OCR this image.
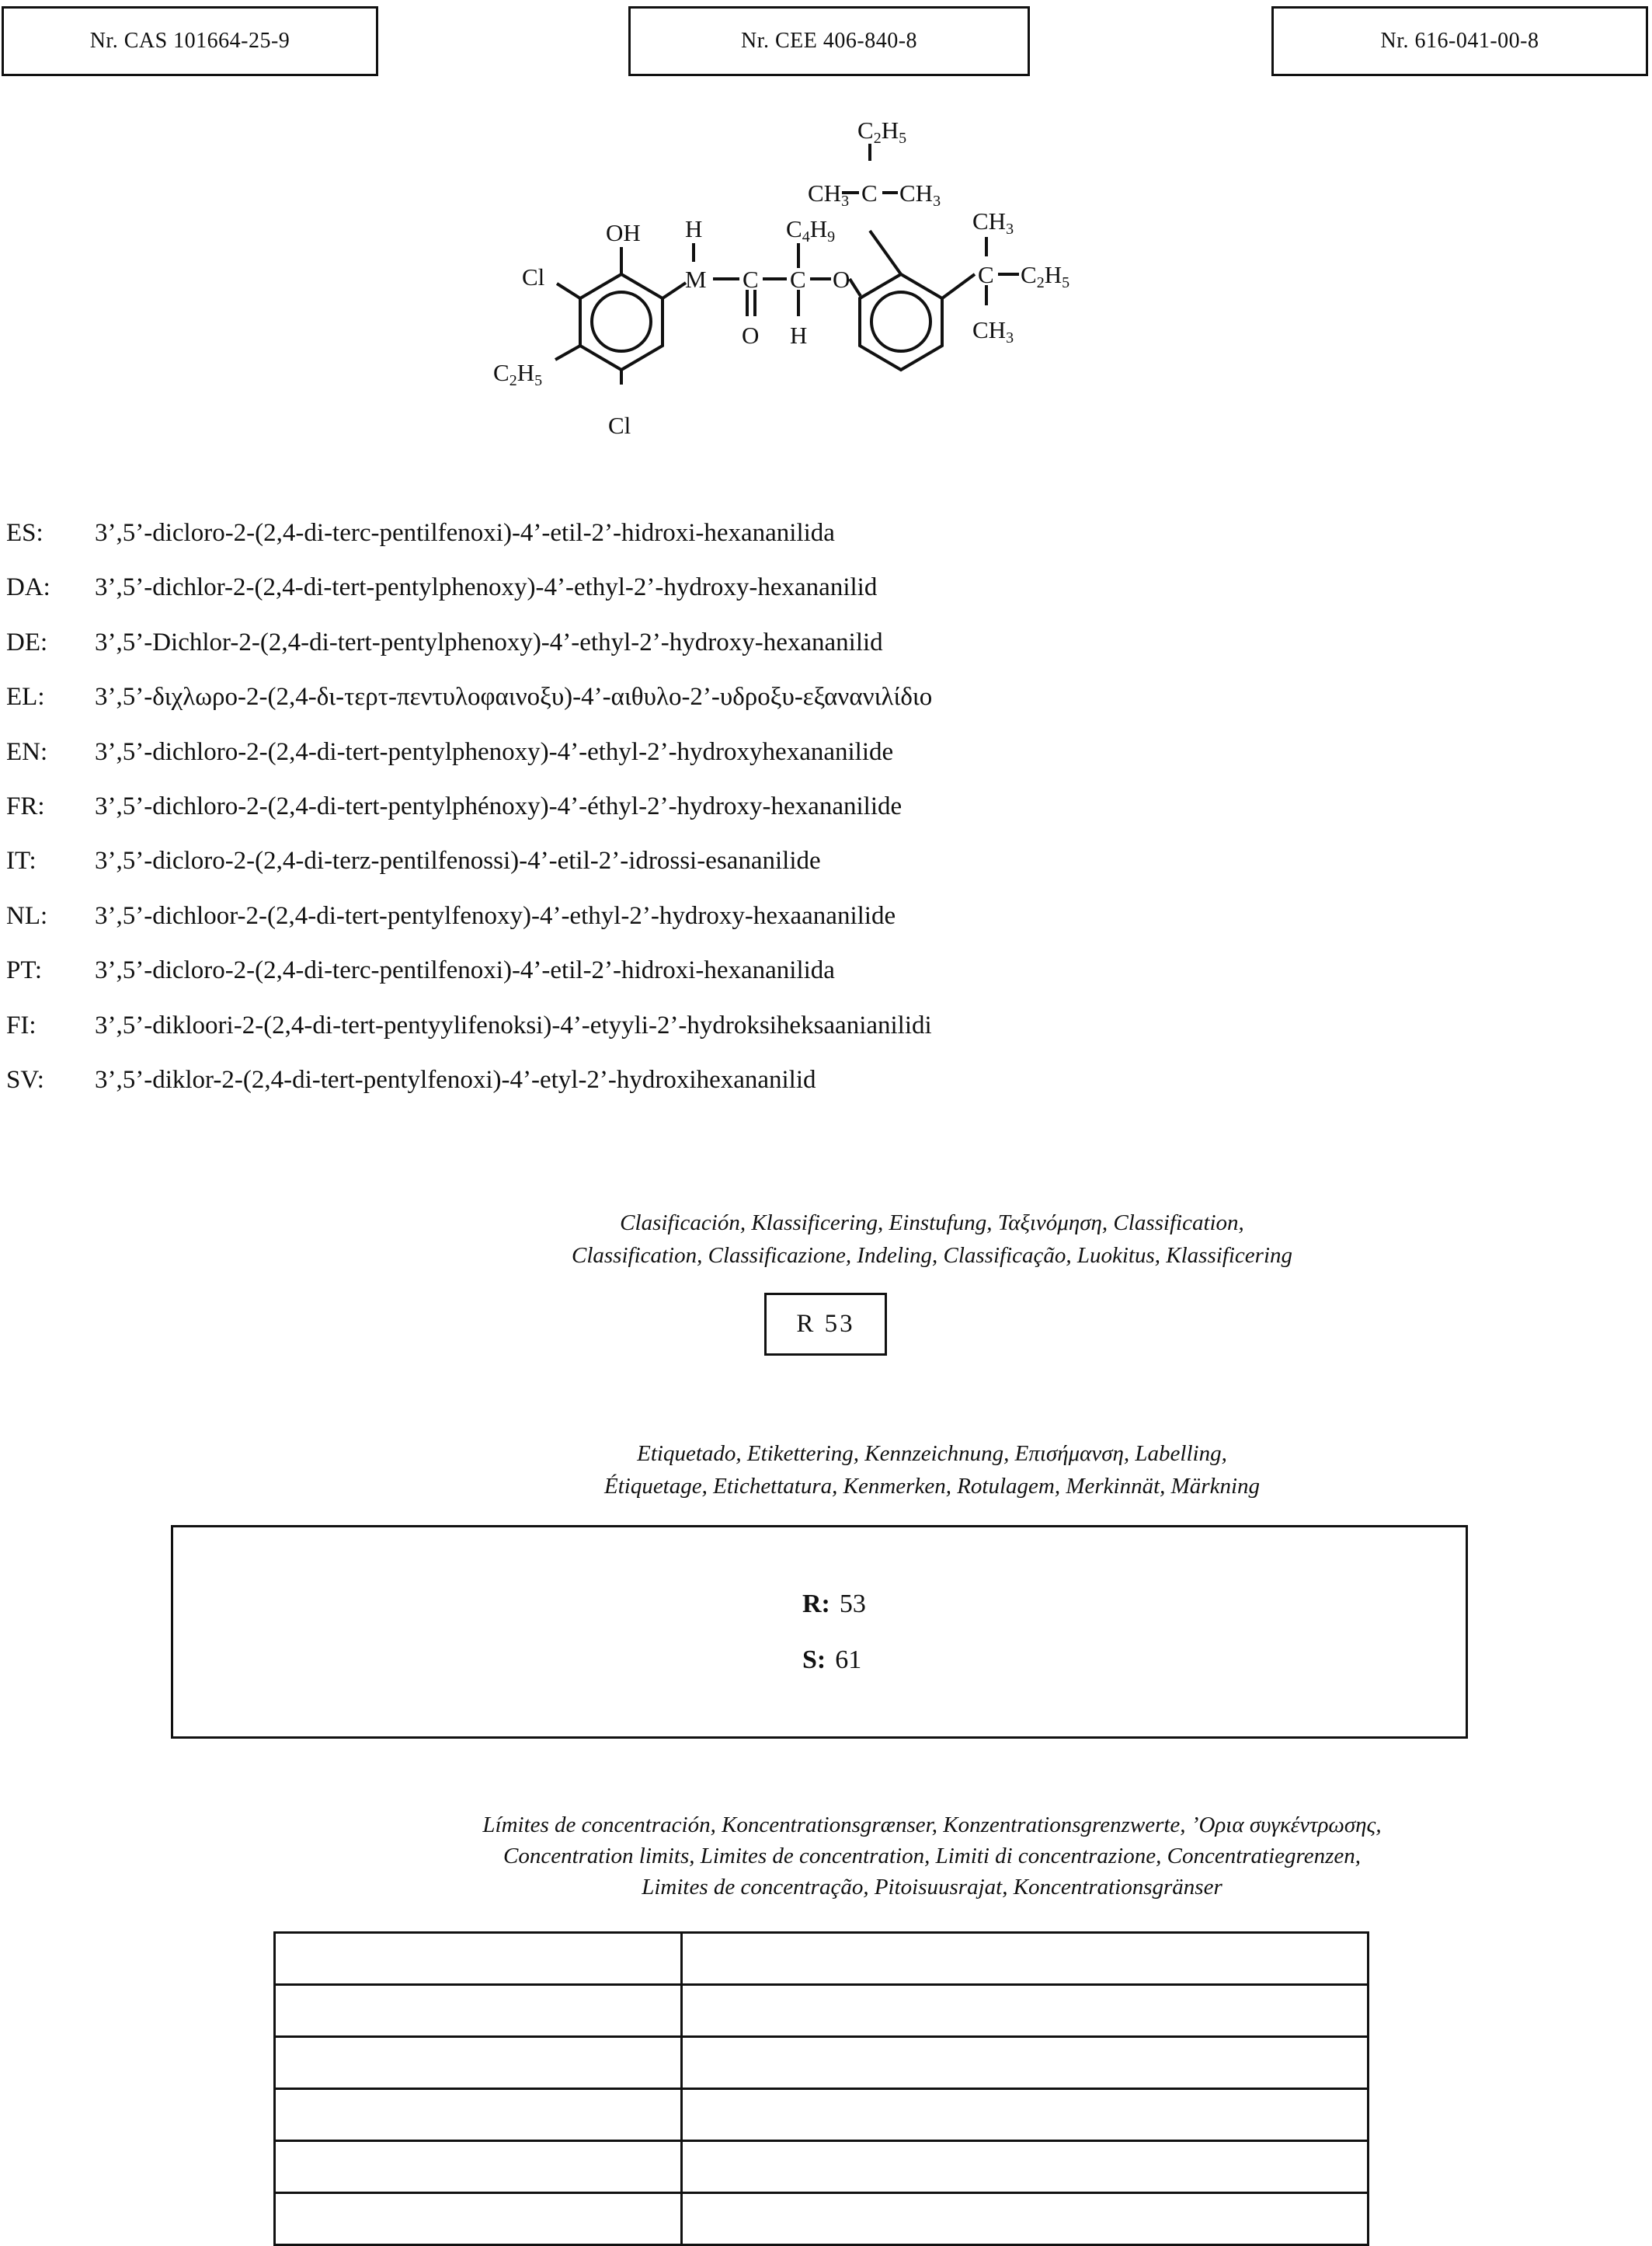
Nr. CAS 101664-25-9	Nr. CEE 406-840-8	Nr. 616-041-00-8
OH H
Cl	M C C O
O H
Cl
C4H9
C2H5
CH3 C CH3
CH3
C C2H5
CH3
C2H5
ES: 3’,5’-dicloro-2-(2,4-di-terc-pentilfenoxi)-4’-etil-2’-hidroxi-hexananilida
DA: 3’,5’-dichlor-2-(2,4-di-tert-pentylphenoxy)-4’-ethyl-2’-hydroxy-hexananilid
DE: 3’,5’-Dichlor-2-(2,4-di-tert-pentylphenoxy)-4’-ethyl-2’-hydroxy-hexananilid
EL: 3’,5’-διχλωρο-2-(2,4-δι-τερτ-πεντυλοφαινοξυ)-4’-αιθυλο-2’-υδροξυ-εξανανιλίδιο
EN: 3’,5’-dichloro-2-(2,4-di-tert-pentylphenoxy)-4’-ethyl-2’-hydroxyhexananilide
FR: 3’,5’-dichloro-2-(2,4-di-tert-pentylphénoxy)-4’-éthyl-2’-hydroxy-hexananilide
IT: 3’,5’-dicloro-2-(2,4-di-terz-pentilfenossi)-4’-etil-2’-idrossi-esananilide
NL: 3’,5’-dichloor-2-(2,4-di-tert-pentylfenoxy)-4’-ethyl-2’-hydroxy-hexaananilide
PT: 3’,5’-dicloro-2-(2,4-di-terc-pentilfenoxi)-4’-etil-2’-hidroxi-hexananilida
FI: 3’,5’-dikloori-2-(2,4-di-tert-pentyylifenoksi)-4’-etyyli-2’-hydroksiheksaanianilidi
SV: 3’,5’-diklor-2-(2,4-di-tert-pentylfenoxi)-4’-etyl-2’-hydroxihexananilid
Clasificación, Klassificering, Einstufung, Ταξινόμηση, Classification,
Classification, Classificazione, Indeling, Classificação, Luokitus, Klassificering
R 53
Etiquetado, Etikettering, Kennzeichnung, Επισήμανση, Labelling,
Étiquetage, Etichettatura, Kenmerken, Rotulagem, Merkinnät, Märkning
R: 53
S: 61
Límites de concentración, Koncentrationsgrænser, Konzentrationsgrenzwerte, ’Ορια συγκέντρωσης,
Concentration limits, Limites de concentration, Limiti di concentrazione, Concentratiegrenzen,
Limites de concentração, Pitoisuusrajat, Koncentrationsgränser
